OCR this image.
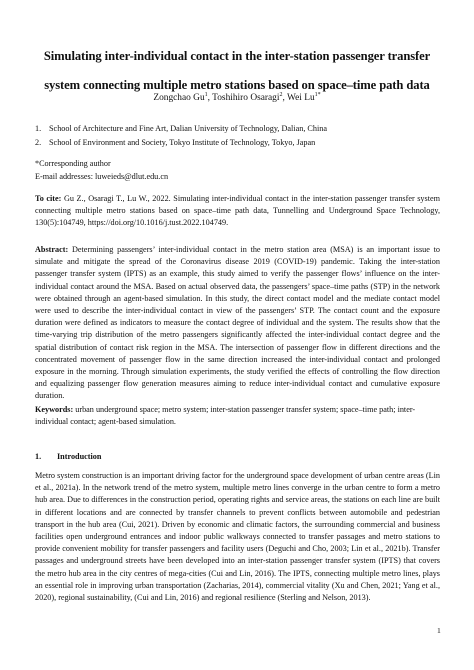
Simulating inter-individual contact in the inter-station passenger transfer
system connecting multiple metro stations based on space–time path data
Zongchao Gu$^1$, Toshihiro Osaragi$^2$, Wei $Lu^{1*}$
1. School of Architecture and Fine Art, Dalian University of Technology, Dalian, China
2. School of Environment and Society, Tokyo Institute of Technology, Tokyo, Japan
*Corresponding author
E-mail addresses: luweieds@dlut.edu.cn
To cite: Gu Z., Osaragi T., Lu W., 2022. Simulating inter-individual contact in the inter-station passenger transfer system connecting multiple metro stations based on space–time path data, Tunnelling and Underground Space Technology, 130(5):104749, https://doi.org/10.1016/j.tust.2022.104749.
Abstract: Determining passengers’ inter-individual contact in the metro station area (MSA) is an important issue to simulate and mitigate the spread of the Coronavirus disease 2019 (COVID-19) pandemic. Taking the inter-station passenger transfer system (IPTS) as an example, this study aimed to verify the passenger flows’ influence on the inter-individual contact around the MSA. Based on actual observed data, the passengers’ space–time paths (STP) in the network were obtained through an agent-based simulation. In this study, the direct contact model and the mediate contact model were used to describe the inter-individual contact in view of the passengers’ STP. The contact count and the exposure duration were defined as indicators to measure the contact degree of individual and the system. The results show that the time-varying trip distribution of the metro passengers significantly affected the inter-individual contact degree and the spatial distribution of contact risk region in the MSA. The intersection of passenger flow in different directions and the concentrated movement of passenger flow in the same direction increased the inter-individual contact and prolonged exposure in the morning. Through simulation experiments, the study verified the effects of controlling the flow direction and equalizing passenger flow generation measures aiming to reduce inter-individual contact and cumulative exposure duration.
Keywords: urban underground space; metro system; inter-station passenger transfer system; space–time path; inter-individual contact; agent-based simulation.
1. Introduction
Metro system construction is an important driving factor for the underground space development of urban centre areas (Lin et al., 2021a). In the network trend of the metro system, multiple metro lines converge in the urban centre to form a metro hub area. Due to differences in the construction period, operating rights and service areas, the stations on each line are built in different locations and are connected by transfer channels to prevent conflicts between automobile and pedestrian transport in the hub area (Cui, 2021). Driven by economic and climatic factors, the surrounding commercial and business facilities open underground entrances and indoor public walkways connected to transfer passages and metro stations to provide convenient mobility for transfer passengers and facility users (Deguchi and Cho, 2003; Lin et al., 2021b). Transfer passages and underground streets have been developed into an inter-station passenger transfer system (IPTS) that covers the metro hub area in the city centres of mega-cities (Cui and Lin, 2016). The IPTS, connecting multiple metro lines, plays an essential role in improving urban transportation (Zacharias, 2014), commercial vitality (Xu and Chen, 2021; Yang et al., 2020), regional sustainability, (Cui and Lin, 2016) and regional resilience (Sterling and Nelson, 2013).
1
